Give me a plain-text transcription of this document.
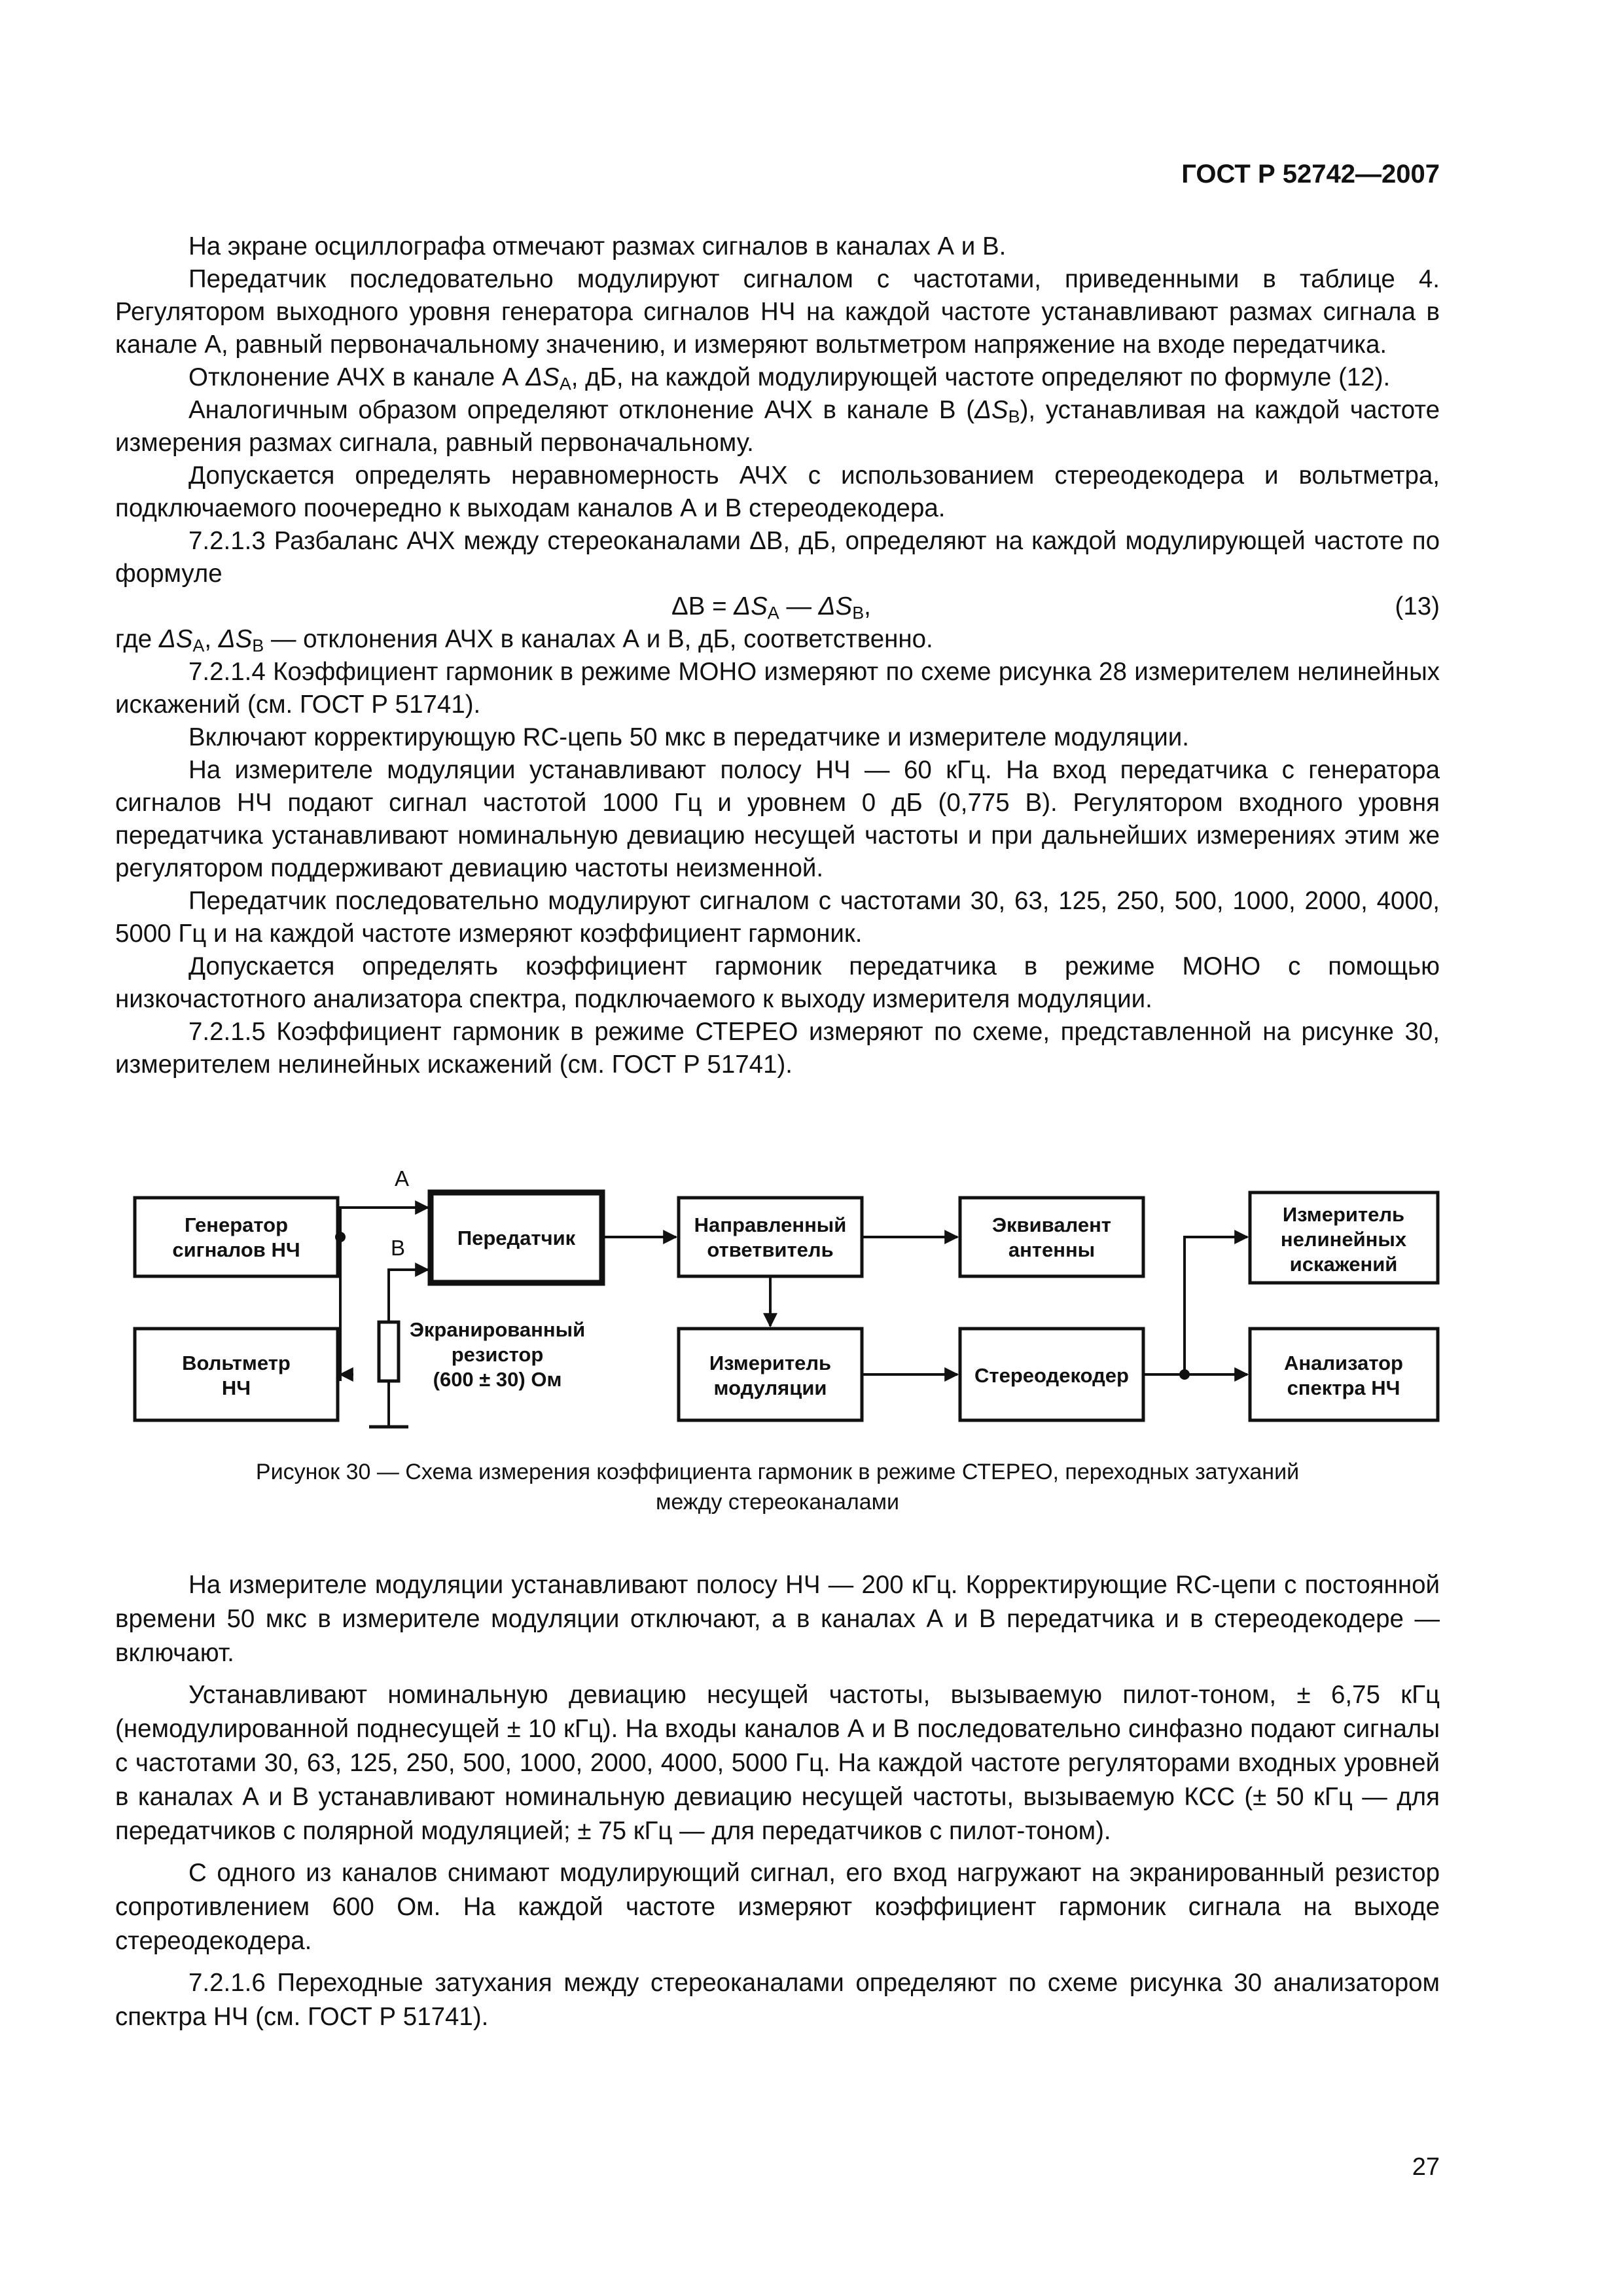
ГОСТ Р 52742—2007

На экране осциллографа отмечают размах сигналов в каналах А и В.

Передатчик последовательно модулируют сигналом с частотами, приведенными в таблице 4. Регулятором выходного уровня генератора сигналов НЧ на каждой частоте устанавливают размах сигнала в канале А, равный первоначальному значению, и измеряют вольтметром напряжение на входе передатчика.

Отклонение АЧХ в канале А $\Delta S_A$, дБ, на каждой модулирующей частоте определяют по формуле (12).

Аналогичным образом определяют отклонение АЧХ в канале В $(\Delta S_B)$, устанавливая на каждой частоте измерения размах сигнала, равный первоначальному.

Допускается определять неравномерность АЧХ с использованием стереодекодера и вольтметра, подключаемого поочередно к выходам каналов А и В стереодекодера.

7.2.1.3 Разбаланс АЧХ между стереоканалами ΔB, дБ, определяют на каждой модулирующей частоте по формуле

$\Delta B = \Delta S_A$ — $\Delta S_B$,	(13)

где $\Delta S_A$, $\Delta S_B$ — отклонения АЧХ в каналах А и В, дБ, соответственно.

7.2.1.4 Коэффициент гармоник в режиме МОНО измеряют по схеме рисунка 28 измерителем нелинейных искажений (см. ГОСТ Р 51741).

Включают корректирующую RC-цепь 50 мкс в передатчике и измерителе модуляции.

На измерителе модуляции устанавливают полосу НЧ — 60 кГц. На вход передатчика с генератора сигналов НЧ подают сигнал частотой 1000 Гц и уровнем 0 дБ (0,775 В). Регулятором входного уровня передатчика устанавливают номинальную девиацию несущей частоты и при дальнейших измерениях этим же регулятором поддерживают девиацию частоты неизменной.

Передатчик последовательно модулируют сигналом с частотами 30, 63, 125, 250, 500, 1000, 2000, 4000, 5000 Гц и на каждой частоте измеряют коэффициент гармоник.

Допускается определять коэффициент гармоник передатчика в режиме МОНО с помощью низкочастотного анализатора спектра, подключаемого к выходу измерителя модуляции.

7.2.1.5 Коэффициент гармоник в режиме СТЕРЕО измеряют по схеме, представленной на рисунке 30, измерителем нелинейных искажений (см. ГОСТ Р 51741).

Генератор сигналов НЧ
Вольтметр НЧ
Передатчик
Направленный ответвитель
Эквивалент антенны
Измеритель нелинейных искажений
Измеритель модуляции
Стереодекодер
Анализатор спектра НЧ
А
В
Экранированный резистор (600 ± 30) Ом
Рисунок 30 — Схема измерения коэффициента гармоник в режиме СТЕРЕО, переходных затуханий
между стереоканалами

На измерителе модуляции устанавливают полосу НЧ — 200 кГц. Корректирующие RC-цепи с постоянной времени 50 мкс в измерителе модуляции отключают, а в каналах А и В передатчика и в стереодекодере — включают.

Устанавливают номинальную девиацию несущей частоты, вызываемую пилот-тоном, ± 6,75 кГц (немодулированной поднесущей ± 10 кГц). На входы каналов А и В последовательно синфазно подают сигналы с частотами 30, 63, 125, 250, 500, 1000, 2000, 4000, 5000 Гц. На каждой частоте регуляторами входных уровней в каналах А и В устанавливают номинальную девиацию несущей частоты, вызываемую КСС (± 50 кГц — для передатчиков с полярной модуляцией; ± 75 кГц — для передатчиков с пилот-тоном).

С одного из каналов снимают модулирующий сигнал, его вход нагружают на экранированный резистор сопротивлением 600 Ом. На каждой частоте измеряют коэффициент гармоник сигнала на выходе стереодекодера.

7.2.1.6 Переходные затухания между стереоканалами определяют по схеме рисунка 30 анализатором спектра НЧ (см. ГОСТ Р 51741).

27
